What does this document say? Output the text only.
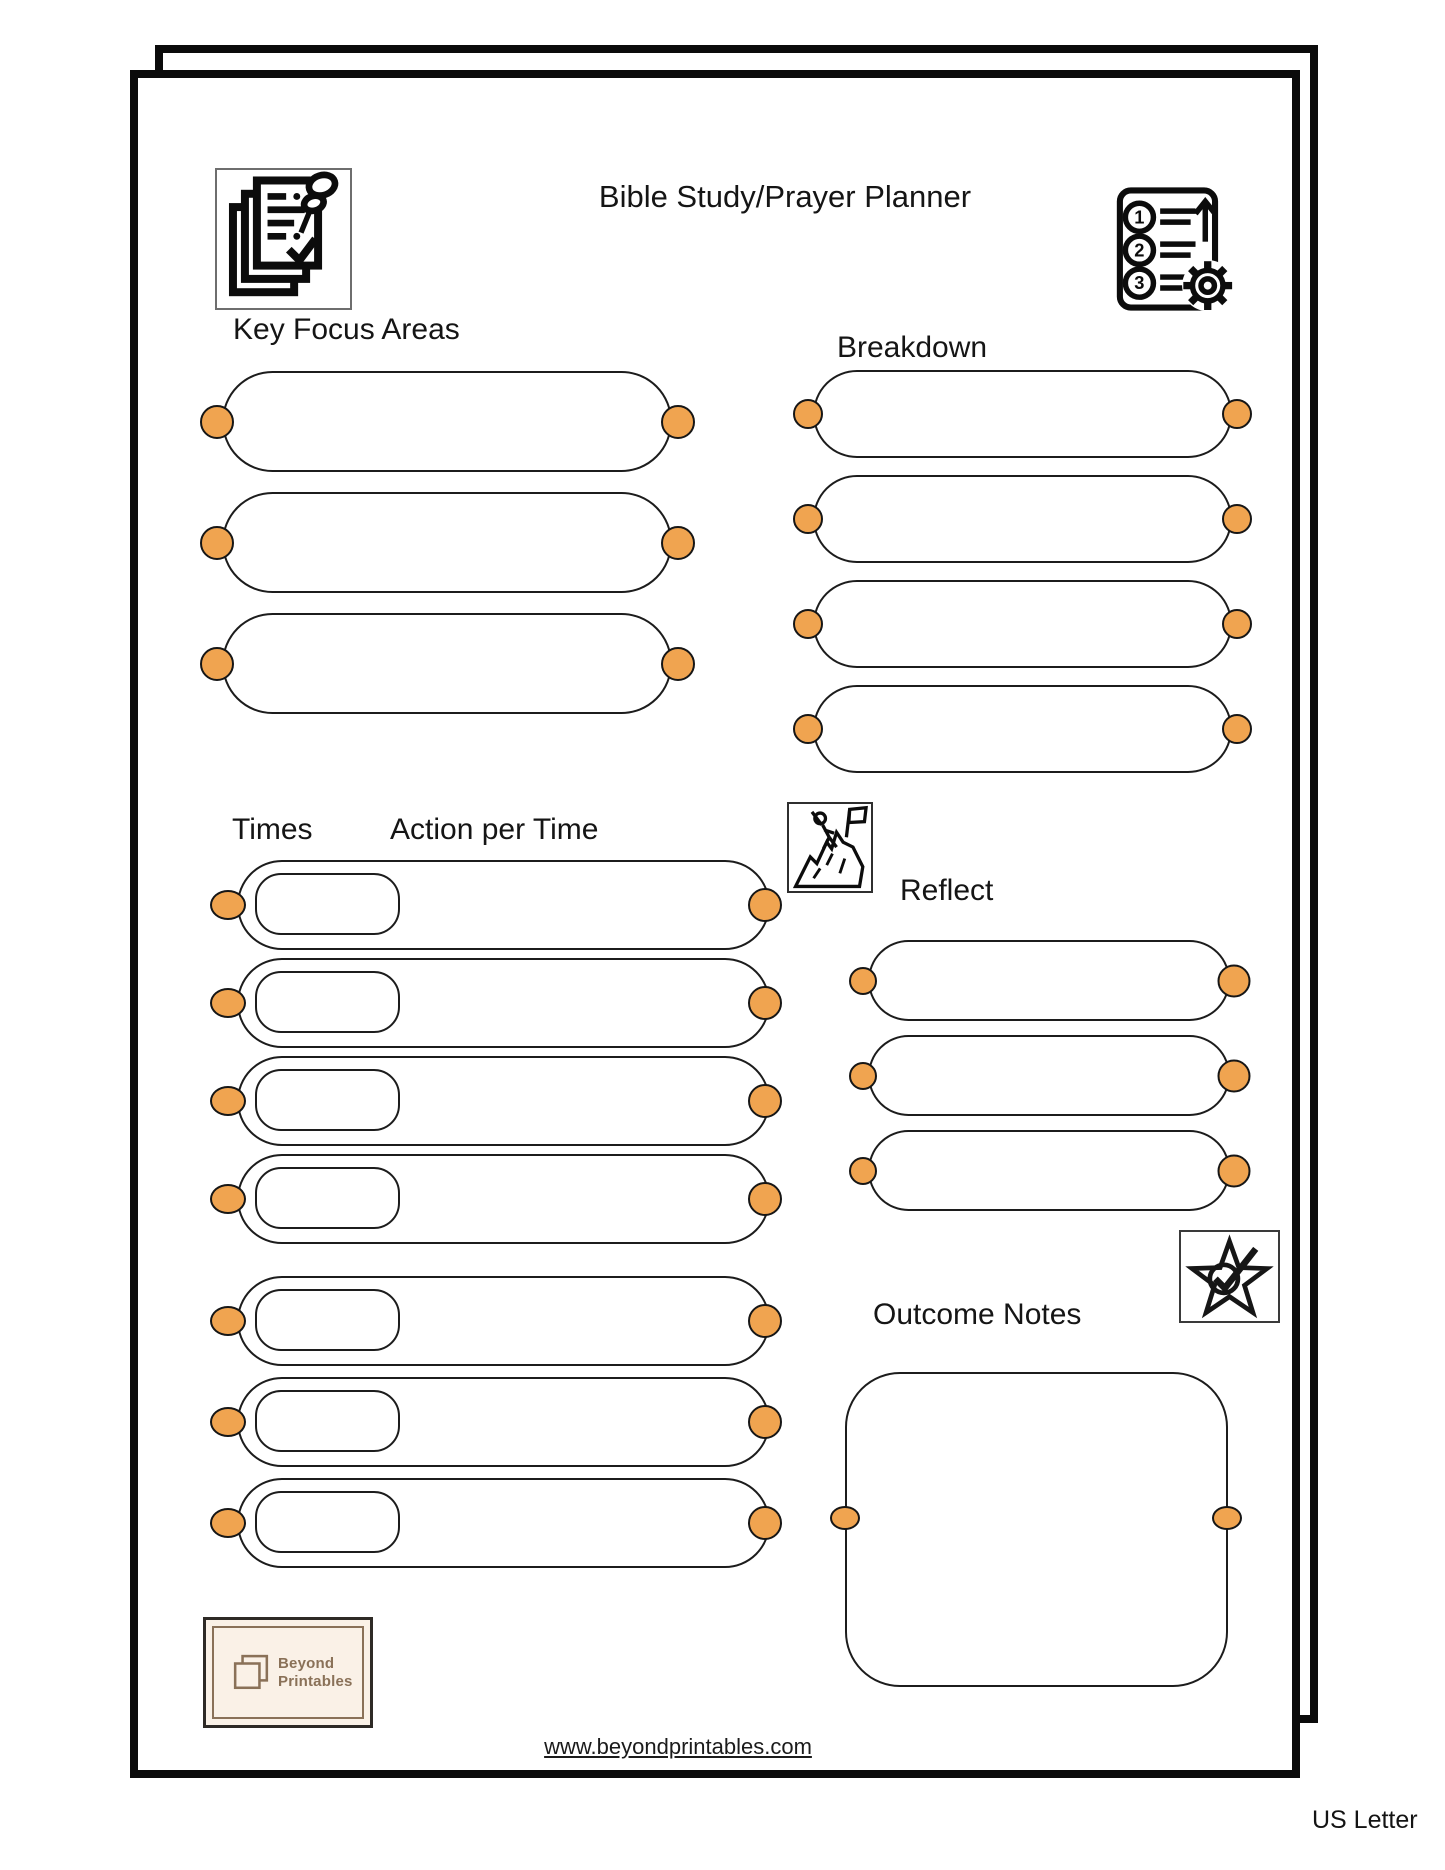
Bible Study/Prayer Planner
1
2
3
Key Focus Areas
Breakdown
Times	Action per Time
Reflect
Outcome Notes
Beyond
Printables
www.beyondprintables.com
US Letter
